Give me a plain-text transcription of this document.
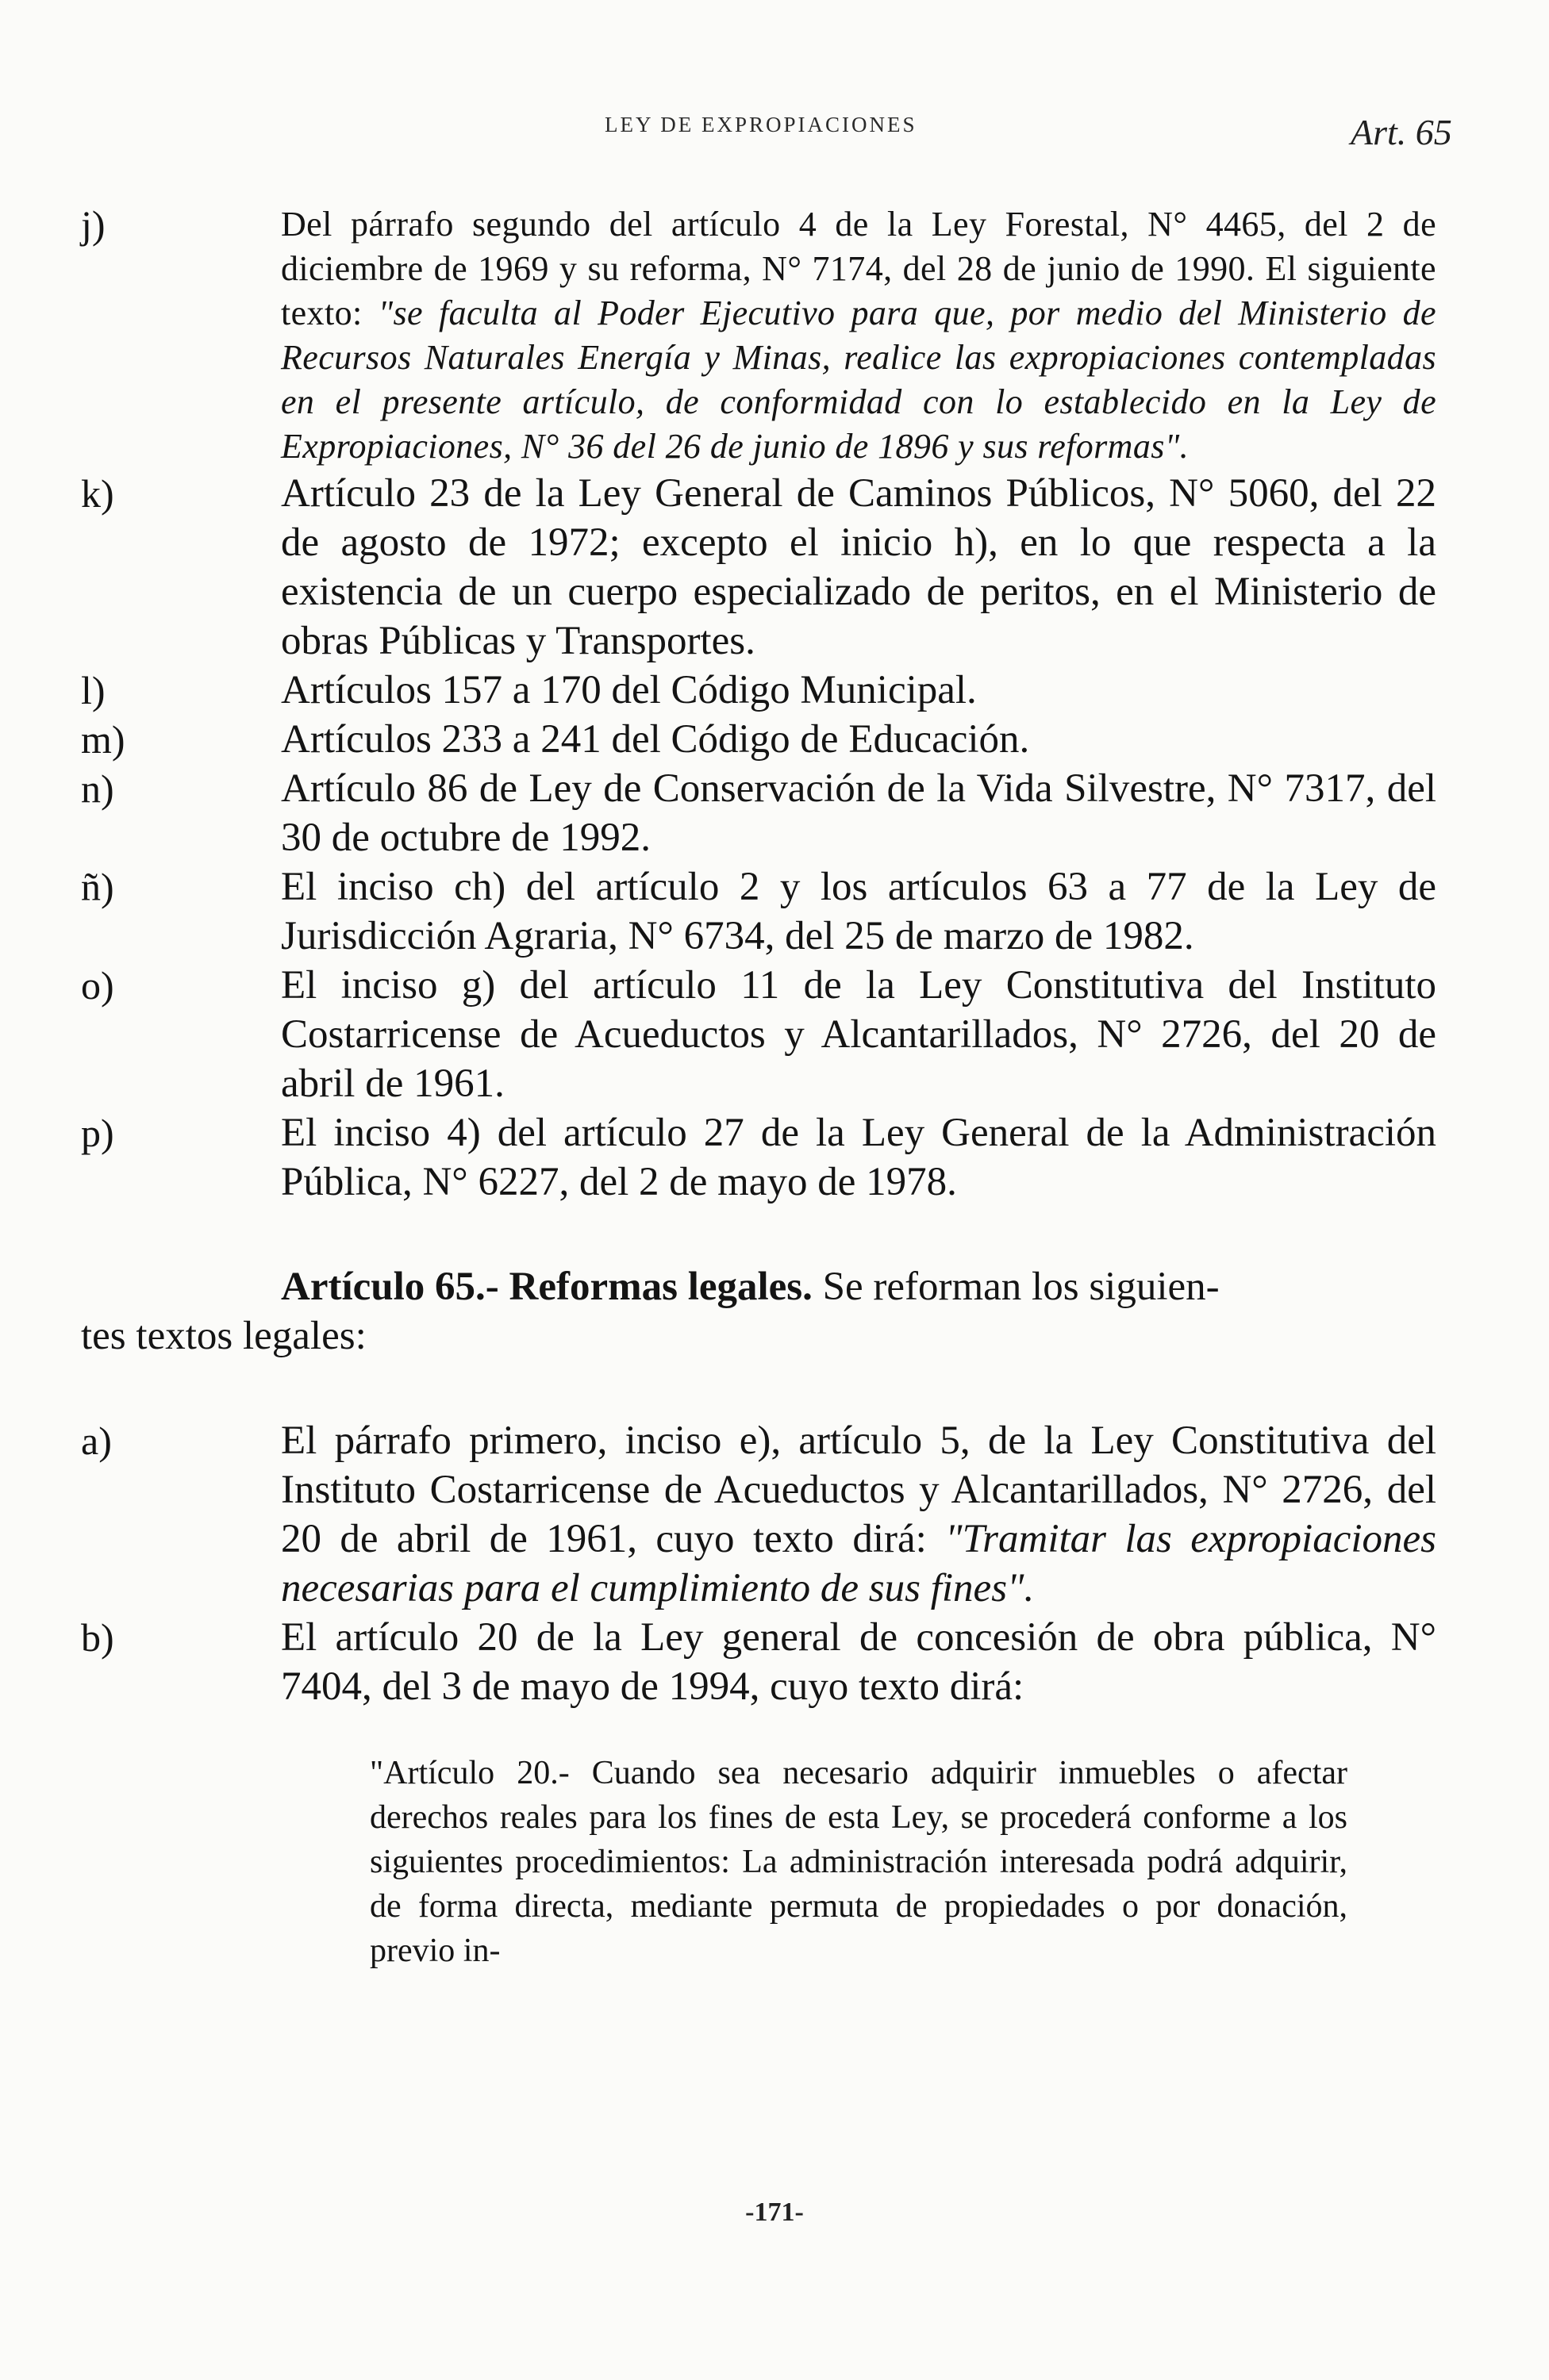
LEY DE EXPROPIACIONES	Art. 65
j)	Del párrafo segundo del artículo 4 de la Ley Forestal, N° 4465, del 2 de diciembre de 1969 y su reforma, N° 7174, del 28 de junio de 1990. El siguiente texto: "se faculta al Poder Ejecutivo para que, por medio del Ministerio de Recursos Naturales Energía y Minas, realice las expropiaciones contempladas en el presente artículo, de conformidad con lo establecido en la Ley de Expropiaciones, N° 36 del 26 de junio de 1896 y sus reformas".
k)	Artículo 23 de la Ley General de Caminos Públicos, N° 5060, del 22 de agosto de 1972; excepto el inicio h), en lo que respecta a la existencia de un cuerpo especializado de peritos, en el Ministerio de obras Públicas y Transportes.
l)	Artículos 157 a 170 del Código Municipal.
m)	Artículos 233 a 241 del Código de Educación.
n)	Artículo 86 de Ley de Conservación de la Vida Silvestre, N° 7317, del 30 de octubre de 1992.
ñ)	El inciso ch) del artículo 2 y los artículos 63 a 77 de la Ley de Jurisdicción Agraria, N° 6734, del 25 de marzo de 1982.
o)	El inciso g) del artículo 11 de la Ley Constitutiva del Instituto Costarricense de Acueductos y Alcantarillados, N° 2726, del 20 de abril de 1961.
p)	El inciso 4) del artículo 27 de la Ley General de la Administración Pública, N° 6227, del 2 de mayo de 1978.
Artículo 65.- Reformas legales. Se reforman los siguien-
tes textos legales:
a)	El párrafo primero, inciso e), artículo 5, de la Ley Constitutiva del Instituto Costarricense de Acueductos y Alcantarillados, N° 2726, del 20 de abril de 1961, cuyo texto dirá: "Tramitar las expropiaciones necesarias para el cumplimiento de sus fines".
b)	El artículo 20 de la Ley general de concesión de obra pública, N° 7404, del 3 de mayo de 1994, cuyo texto dirá:
"Artículo 20.- Cuando sea necesario adquirir inmuebles o afectar derechos reales para los fines de esta Ley, se procederá conforme a los siguientes procedimientos: La administración interesada podrá adquirir, de forma directa, mediante permuta de propiedades o por donación, previo in-
-171-
